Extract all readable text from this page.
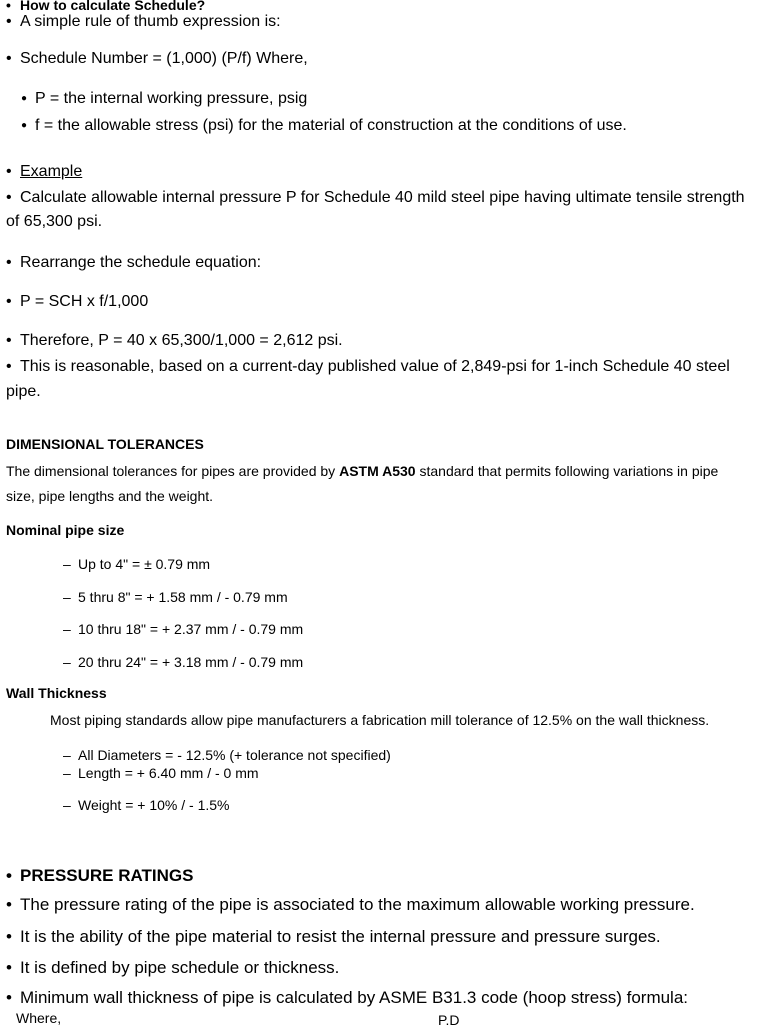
• How to calculate Schedule?
• A simple rule of thumb expression is:
• Schedule Number = (1,000) (P/f) Where,
● P = the internal working pressure, psig
● f = the allowable stress (psi) for the material of construction at the conditions of use.
• Example
• Calculate allowable internal pressure P for Schedule 40 mild steel pipe having ultimate tensile strength
of 65,300 psi.
• Rearrange the schedule equation:
• P = SCH x f/1,000
• Therefore, P = 40 x 65,300/1,000 = 2,612 psi.
• This is reasonable, based on a current-day published value of 2,849-psi for 1-inch Schedule 40 steel
pipe.
DIMENSIONAL TOLERANCES
The dimensional tolerances for pipes are provided by ASTM A530 standard that permits following variations in pipe
size, pipe lengths and the weight.
Nominal pipe size
– Up to 4" = ± 0.79 mm
– 5 thru 8" = + 1.58 mm / - 0.79 mm
– 10 thru 18" = + 2.37 mm / - 0.79 mm
– 20 thru 24" = + 3.18 mm / - 0.79 mm
Wall Thickness
Most piping standards allow pipe manufacturers a fabrication mill tolerance of 12.5% on the wall thickness.
– All Diameters = - 12.5% (+ tolerance not specified)
– Length = + 6.40 mm / - 0 mm
– Weight = + 10% / - 1.5%
• PRESSURE RATINGS
• The pressure rating of the pipe is associated to the maximum allowable working pressure.
• It is the ability of the pipe material to resist the internal pressure and pressure surges.
• It is defined by pipe schedule or thickness.
• Minimum wall thickness of pipe is calculated by ASME B31.3 code (hoop stress) formula:
Where,	P.D
